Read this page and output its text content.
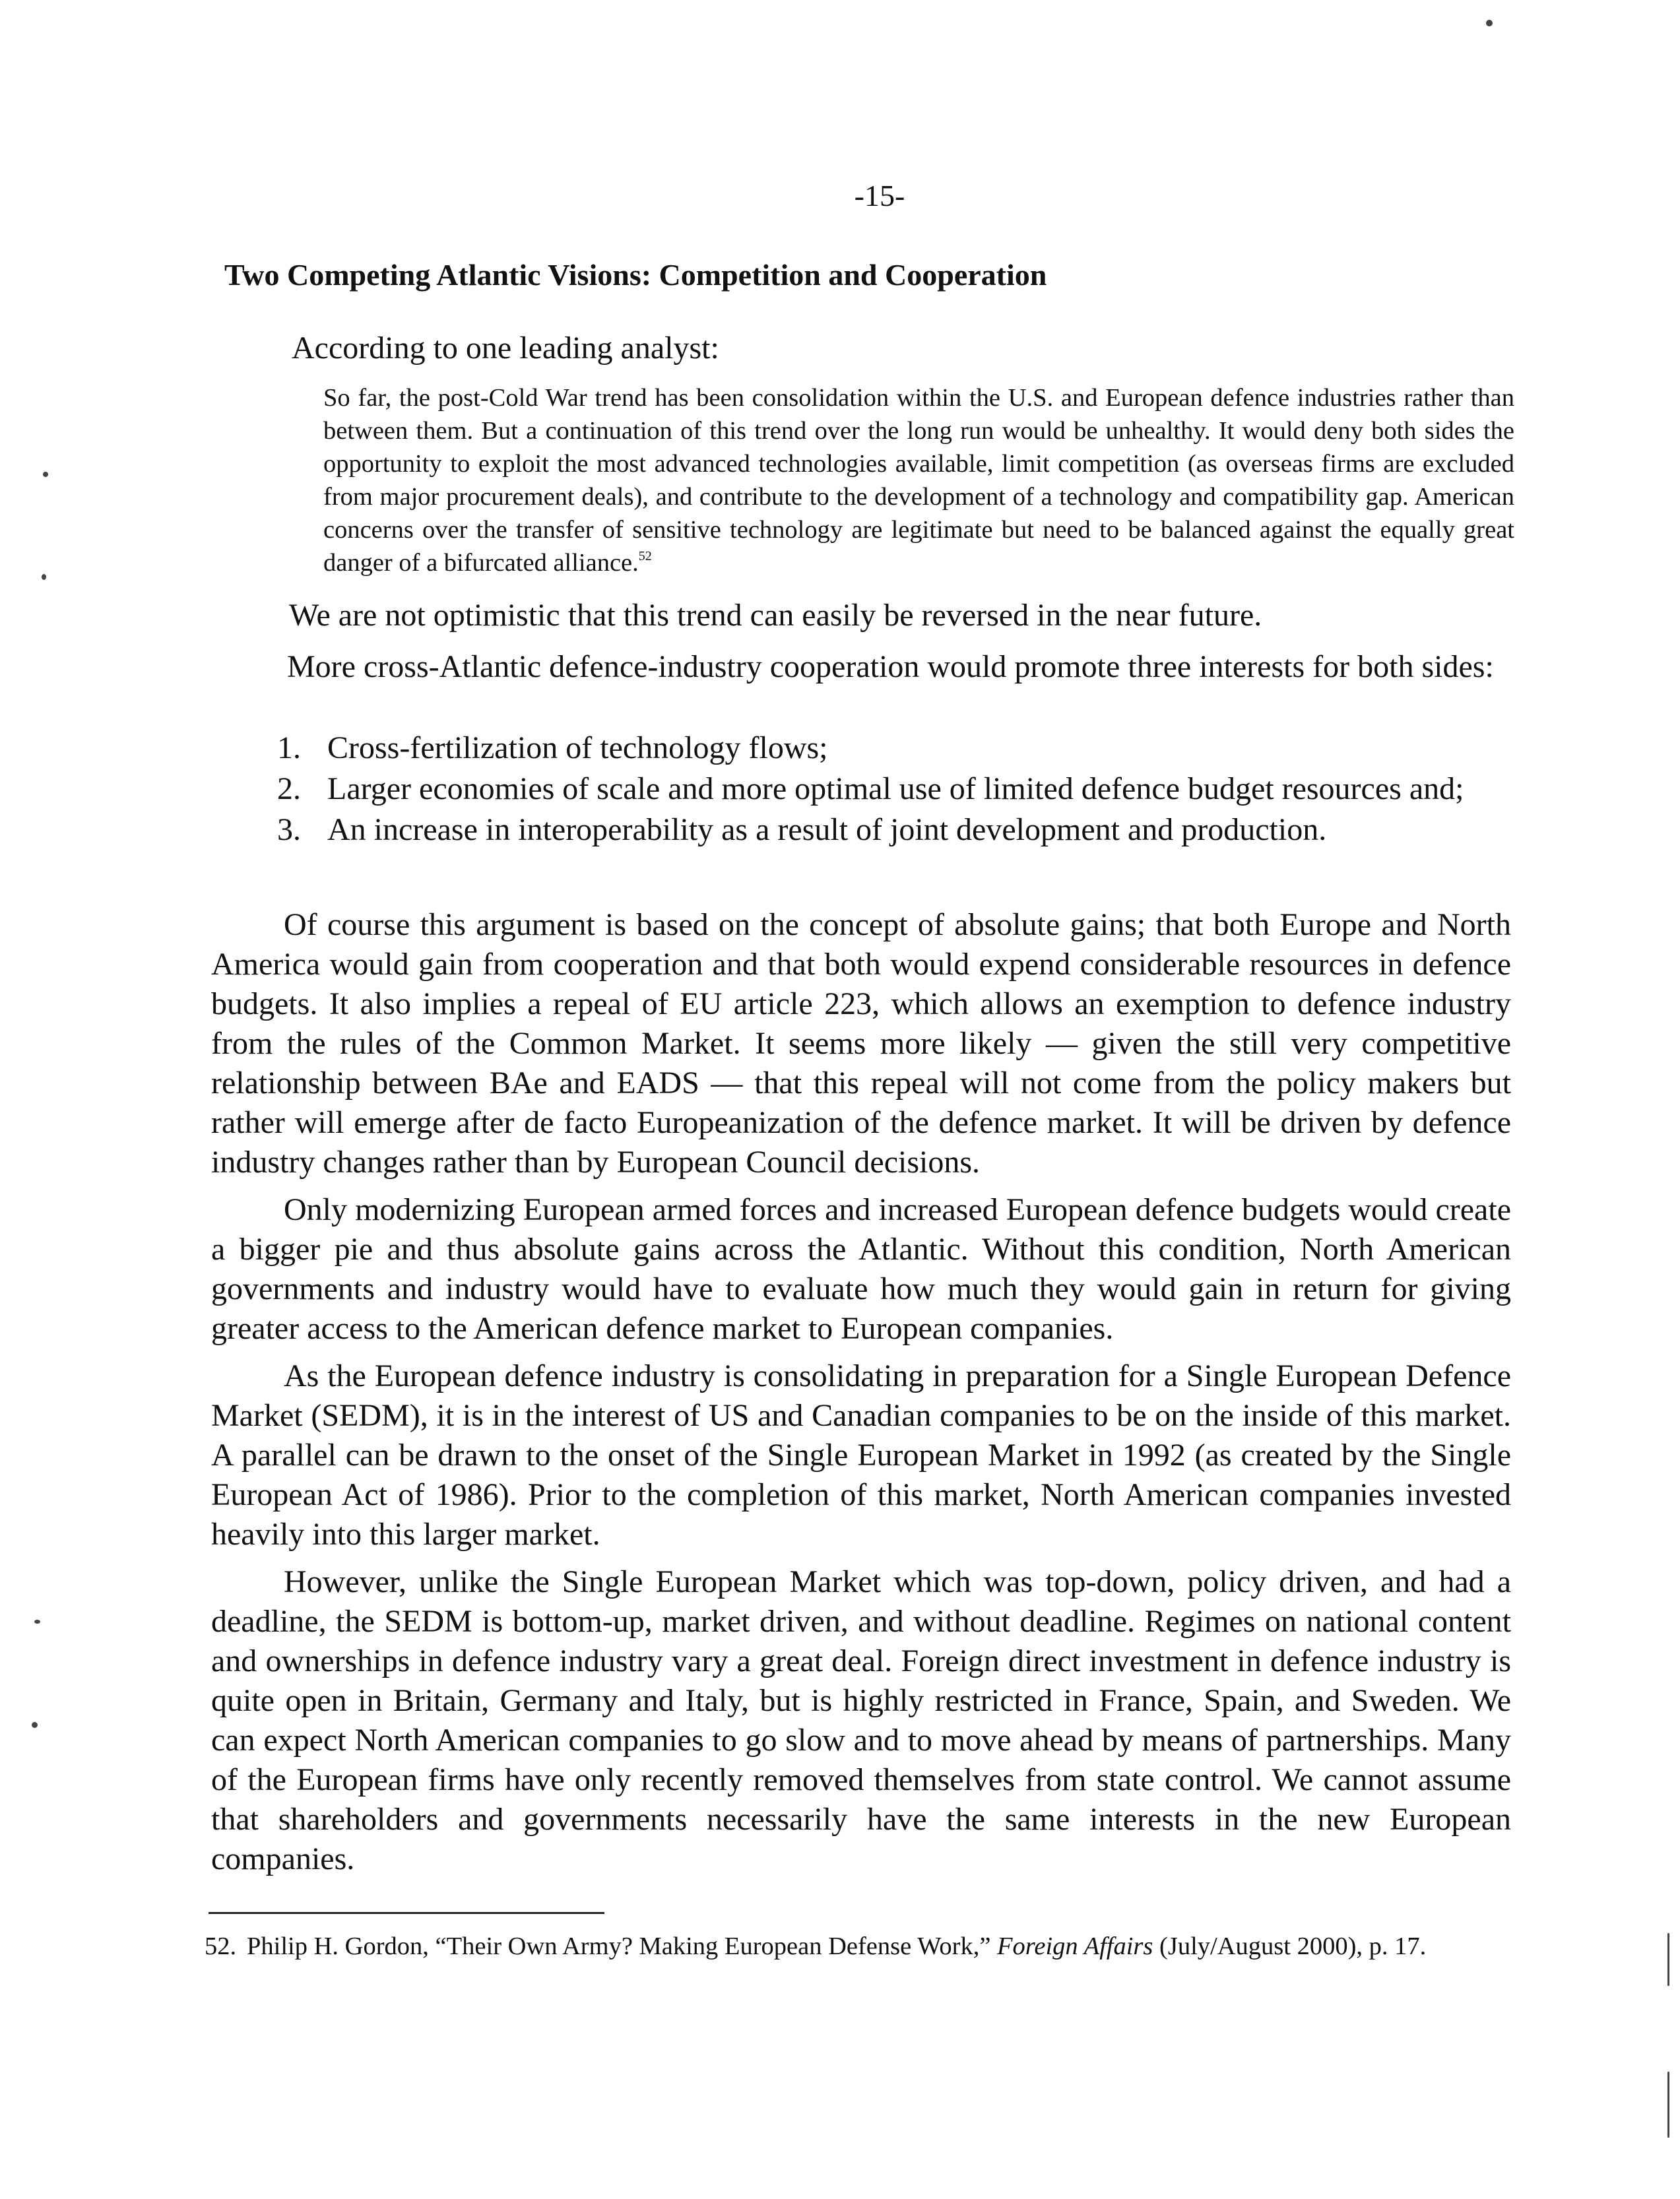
-15-
Two Competing Atlantic Visions: Competition and Cooperation
According to one leading analyst:
So far, the post-Cold War trend has been consolidation within the U.S. and European defence industries rather than between them. But a continuation of this trend over the long run would be unhealthy. It would deny both sides the opportunity to exploit the most advanced technologies available, limit competition (as overseas firms are excluded from major procurement deals), and contribute to the development of a technology and compatibility gap. American concerns over the transfer of sensitive technology are legitimate but need to be balanced against the equally great danger of a bifurcated alliance.$^{52}$
We are not optimistic that this trend can easily be reversed in the near future.
More cross-Atlantic defence-industry cooperation would promote three interests for both sides:
1. Cross-fertilization of technology flows;
2. Larger economies of scale and more optimal use of limited defence budget resources and;
3. An increase in interoperability as a result of joint development and production.

Of course this argument is based on the concept of absolute gains; that both Europe and North America would gain from cooperation and that both would expend considerable resources in defence budgets. It also implies a repeal of EU article 223, which allows an exemption to defence industry from the rules of the Common Market. It seems more likely — given the still very competitive relationship between BAe and EADS — that this repeal will not come from the policy makers but rather will emerge after de facto Europeanization of the defence market. It will be driven by defence industry changes rather than by European Council decisions.

Only modernizing European armed forces and increased European defence budgets would create a bigger pie and thus absolute gains across the Atlantic. Without this condition, North American governments and industry would have to evaluate how much they would gain in return for giving greater access to the American defence market to European companies.

As the European defence industry is consolidating in preparation for a Single European Defence Market (SEDM), it is in the interest of US and Canadian companies to be on the inside of this market. A parallel can be drawn to the onset of the Single European Market in 1992 (as created by the Single European Act of 1986). Prior to the completion of this market, North American companies invested heavily into this larger market.

However, unlike the Single European Market which was top-down, policy driven, and had a deadline, the SEDM is bottom-up, market driven, and without deadline. Regimes on national content and ownerships in defence industry vary a great deal. Foreign direct investment in defence industry is quite open in Britain, Germany and Italy, but is highly restricted in France, Spain, and Sweden. We can expect North American companies to go slow and to move ahead by means of partnerships. Many of the European firms have only recently removed themselves from state control. We cannot assume that shareholders and governments necessarily have the same interests in the new European companies.

52. Philip H. Gordon, “Their Own Army? Making European Defense Work,” Foreign Affairs (July/August 2000), p. 17.
